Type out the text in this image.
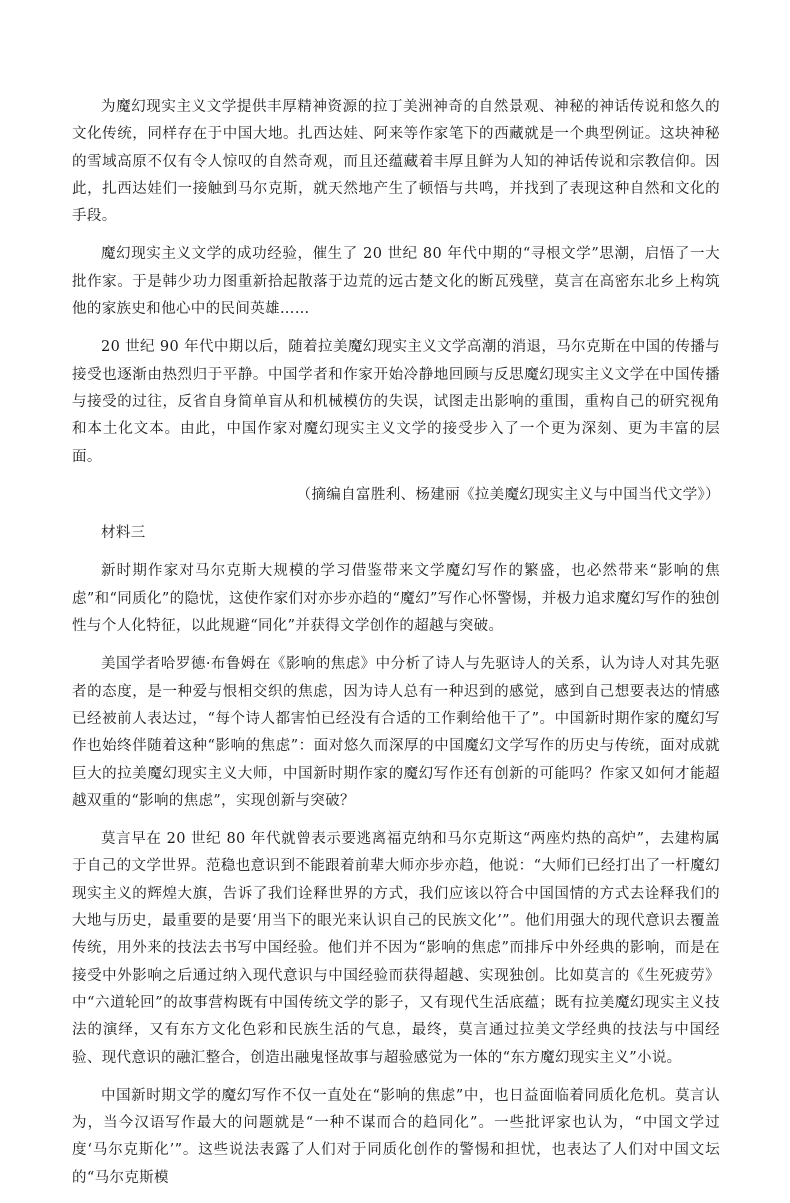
为魔幻现实主义文学提供丰厚精神资源的拉丁美洲神奇的自然景观、神秘的神话传说和悠久的文化传统，同样存在于中国大地。扎西达娃、阿来等作家笔下的西藏就是一个典型例证。这块神秘的雪域高原不仅有令人惊叹的自然奇观，而且还蕴藏着丰厚且鲜为人知的神话传说和宗教信仰。因此，扎西达娃们一接触到马尔克斯，就天然地产生了顿悟与共鸣，并找到了表现这种自然和文化的手段。

魔幻现实主义文学的成功经验，催生了 20 世纪 80 年代中期的“寻根文学”思潮，启悟了一大批作家。于是韩少功力图重新拾起散落于边荒的远古楚文化的断瓦残壁，莫言在高密东北乡上构筑他的家族史和他心中的民间英雄……

20 世纪 90 年代中期以后，随着拉美魔幻现实主义文学高潮的消退，马尔克斯在中国的传播与接受也逐渐由热烈归于平静。中国学者和作家开始冷静地回顾与反思魔幻现实主义文学在中国传播与接受的过往，反省自身简单盲从和机械模仿的失误，试图走出影响的重围，重构自己的研究视角和本土化文本。由此，中国作家对魔幻现实主义文学的接受步入了一个更为深刻、更为丰富的层面。

（摘编自富胜利、杨建丽《拉美魔幻现实主义与中国当代文学》）

材料三

新时期作家对马尔克斯大规模的学习借鉴带来文学魔幻写作的繁盛，也必然带来“影响的焦虑”和“同质化”的隐忧，这使作家们对亦步亦趋的“魔幻”写作心怀警惕，并极力追求魔幻写作的独创性与个人化特征，以此规避“同化”并获得文学创作的超越与突破。

美国学者哈罗德·布鲁姆在《影响的焦虑》中分析了诗人与先驱诗人的关系，认为诗人对其先驱者的态度，是一种爱与恨相交织的焦虑，因为诗人总有一种迟到的感觉，感到自己想要表达的情感已经被前人表达过，“每个诗人都害怕已经没有合适的工作剩给他干了”。中国新时期作家的魔幻写作也始终伴随着这种“影响的焦虑”：面对悠久而深厚的中国魔幻文学写作的历史与传统，面对成就巨大的拉美魔幻现实主义大师，中国新时期作家的魔幻写作还有创新的可能吗？作家又如何才能超越双重的“影响的焦虑”，实现创新与突破？

莫言早在 20 世纪 80 年代就曾表示要逃离福克纳和马尔克斯这“两座灼热的高炉”，去建构属于自己的文学世界。范稳也意识到不能跟着前辈大师亦步亦趋，他说：“大师们已经打出了一杆魔幻现实主义的辉煌大旗，告诉了我们诠释世界的方式，我们应该以符合中国国情的方式去诠释我们的大地与历史，最重要的是要‘用当下的眼光来认识自己的民族文化’”。他们用强大的现代意识去覆盖传统，用外来的技法去书写中国经验。他们并不因为“影响的焦虑”而排斥中外经典的影响，而是在接受中外影响之后通过纳入现代意识与中国经验而获得超越、实现独创。比如莫言的《生死疲劳》中“六道轮回”的故事营构既有中国传统文学的影子，又有现代生活底蕴；既有拉美魔幻现实主义技法的演绎，又有东方文化色彩和民族生活的气息，最终，莫言通过拉美文学经典的技法与中国经验、现代意识的融汇整合，创造出融鬼怪故事与超验感觉为一体的“东方魔幻现实主义”小说。

中国新时期文学的魔幻写作不仅一直处在“影响的焦虑”中，也日益面临着同质化危机。莫言认为，当今汉语写作最大的问题就是“一种不谋而合的趋同化”。一些批评家也认为，“中国文学过度‘马尔克斯化’”。这些说法表露了人们对于同质化创作的警惕和担忧，也表达了人们对中国文坛的“马尔克斯模
